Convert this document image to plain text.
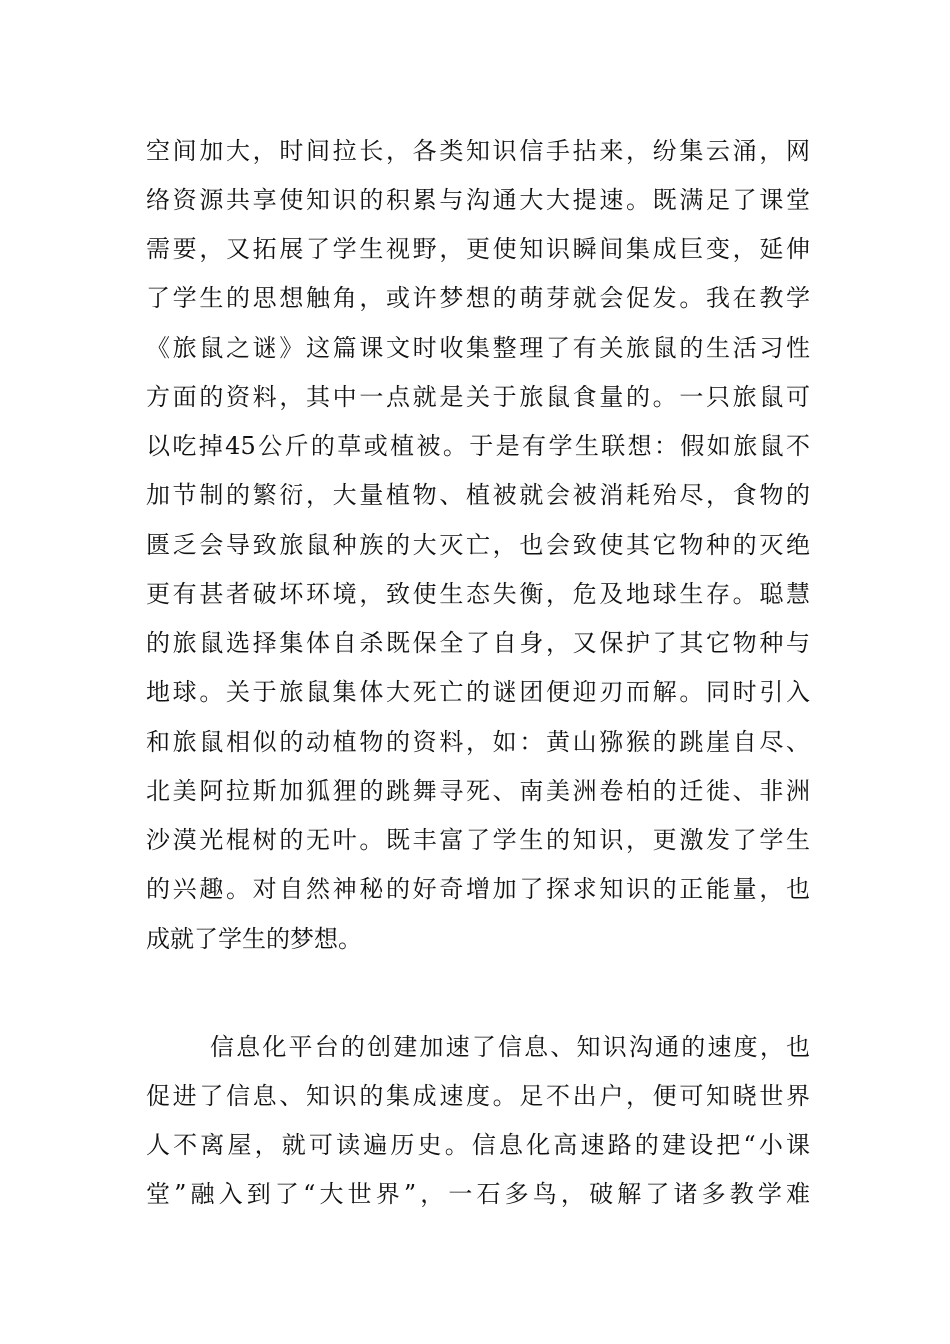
空间加大，时间拉长，各类知识信手拈来，纷集云涌，网
络资源共享使知识的积累与沟通大大提速。既满足了课堂
需要，又拓展了学生视野，更使知识瞬间集成巨变，延伸
了学生的思想触角，或许梦想的萌芽就会促发。我在教学
《旅鼠之谜》这篇课文时收集整理了有关旅鼠的生活习性
方面的资料，其中一点就是关于旅鼠食量的。一只旅鼠可
以吃掉45公斤的草或植被。于是有学生联想：假如旅鼠不
加节制的繁衍，大量植物、植被就会被消耗殆尽，食物的
匮乏会导致旅鼠种族的大灭亡，也会致使其它物种的灭绝
更有甚者破坏环境，致使生态失衡，危及地球生存。聪慧
的旅鼠选择集体自杀既保全了自身，又保护了其它物种与
地球。关于旅鼠集体大死亡的谜团便迎刃而解。同时引入
和旅鼠相似的动植物的资料，如：黄山猕猴的跳崖自尽、
北美阿拉斯加狐狸的跳舞寻死、南美洲卷柏的迁徙、非洲
沙漠光棍树的无叶。既丰富了学生的知识，更激发了学生
的兴趣。对自然神秘的好奇增加了探求知识的正能量，也
成就了学生的梦想。
信息化平台的创建加速了信息、知识沟通的速度，也
促进了信息、知识的集成速度。足不出户，便可知晓世界
人不离屋，就可读遍历史。信息化高速路的建设把“小课
堂”融入到了“大世界”，一石多鸟，破解了诸多教学难
